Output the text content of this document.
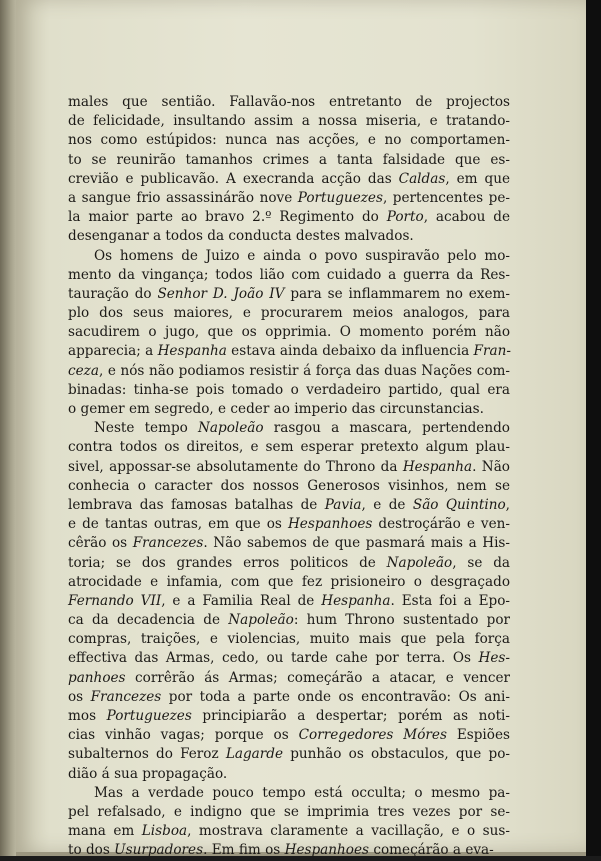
males que sentião. Fallavão-nos entretanto de projectos
de felicidade, insultando assim a nossa miseria, e tratando-
nos como estúpidos: nunca nas acções, e no comportamen-
to se reunirão tamanhos crimes a tanta falsidade que es-
crevião e publicavão. A execranda acção das Caldas, em que
a sangue frio assassinárão nove Portuguezes, pertencentes pe-
la maior parte ao bravo 2.º Regimento do Porto, acabou de
desenganar a todos da conducta destes malvados.
Os homens de Juizo e ainda o povo suspiravão pelo mo-
mento da vingança; todos lião com cuidado a guerra da Res-
tauração do Senhor D. João IV para se inflammarem no exem-
plo dos seus maiores, e procurarem meios analogos, para
sacudirem o jugo, que os opprimia. O momento porém não
apparecia; a Hespanha estava ainda debaixo da influencia Fran-
ceza, e nós não podiamos resistir á força das duas Nações com-
binadas: tinha-se pois tomado o verdadeiro partido, qual era
o gemer em segredo, e ceder ao imperio das circunstancias.
Neste tempo Napoleão rasgou a mascara, pertendendo
contra todos os direitos, e sem esperar pretexto algum plau-
sivel, appossar-se absolutamente do Throno da Hespanha. Não
conhecia o caracter dos nossos Generosos visinhos, nem se
lembrava das famosas batalhas de Pavia, e de São Quintino,
e de tantas outras, em que os Hespanhoes destroçárão e ven-
cêrão os Francezes. Não sabemos de que pasmará mais a His-
toria; se dos grandes erros politicos de Napoleão, se da
atrocidade e infamia, com que fez prisioneiro o desgraçado
Fernando VII, e a Familia Real de Hespanha. Esta foi a Epo-
ca da decadencia de Napoleão: hum Throno sustentado por
compras, traições, e violencias, muito mais que pela força
effectiva das Armas, cedo, ou tarde cahe por terra. Os Hes-
panhoes corrêrão ás Armas; começárão a atacar, e vencer
os Francezes por toda a parte onde os encontravão: Os ani-
mos Portuguezes principiarão a despertar; porém as noti-
cias vinhão vagas; porque os Corregedores Móres Espiões
subalternos do Feroz Lagarde punhão os obstaculos, que po-
dião á sua propagação.
Mas a verdade pouco tempo está occulta; o mesmo pa-
pel refalsado, e indigno que se imprimia tres vezes por se-
mana em Lisboa, mostrava claramente a vacillação, e o sus-
to dos Usurpadores. Em fim os Hespanhoes começárão a eva-
